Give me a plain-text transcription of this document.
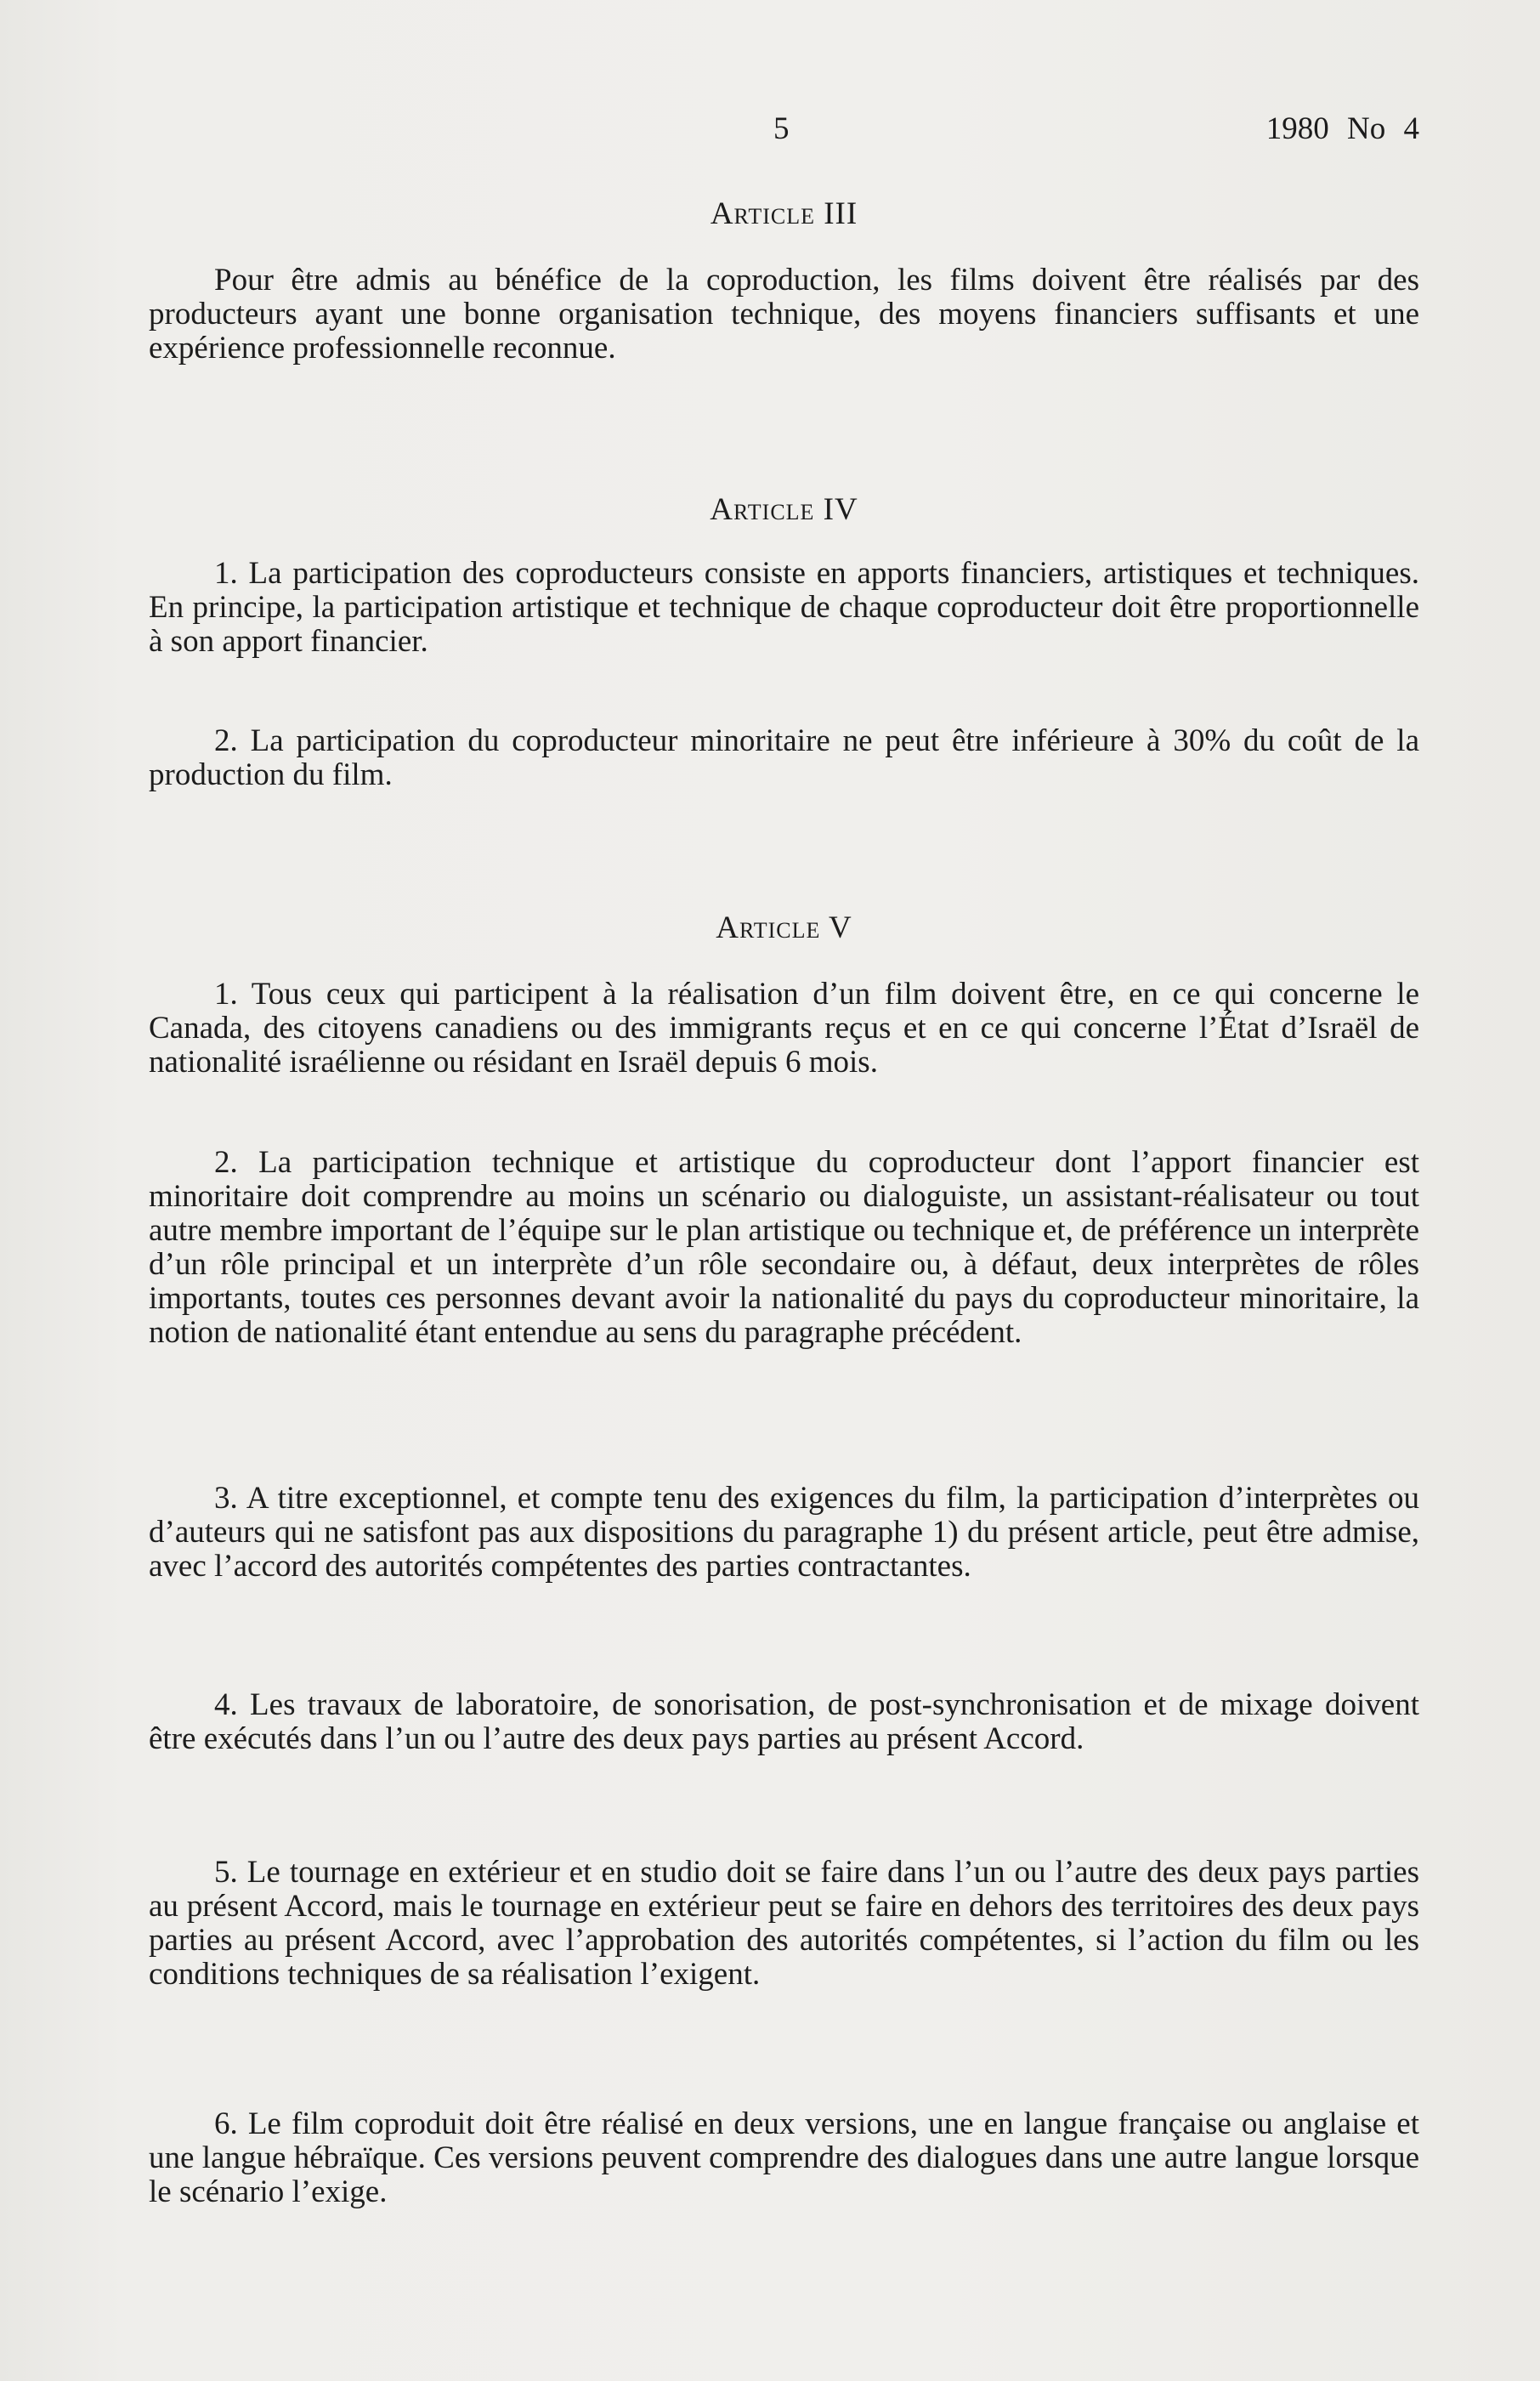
5	1980 No 4
Article III

Pour être admis au bénéfice de la coproduction, les films doivent être réalisés par des producteurs ayant une bonne organisation technique, des moyens financiers suffisants et une expérience professionnelle reconnue.

Article IV

1. La participation des coproducteurs consiste en apports financiers, artistiques et techniques. En principe, la participation artistique et technique de chaque coproducteur doit être proportionnelle à son apport financier.

2. La participation du coproducteur minoritaire ne peut être inférieure à 30% du coût de la production du film.

Article V

1. Tous ceux qui participent à la réalisation d’un film doivent être, en ce qui concerne le Canada, des citoyens canadiens ou des immigrants reçus et en ce qui concerne l’État d’Israël de nationalité israélienne ou résidant en Israël depuis 6 mois.

2. La participation technique et artistique du coproducteur dont l’apport financier est minoritaire doit comprendre au moins un scénario ou dialoguiste, un assistant-réalisateur ou tout autre membre important de l’équipe sur le plan artistique ou technique et, de préférence un interprète d’un rôle principal et un interprète d’un rôle secondaire ou, à défaut, deux interprètes de rôles importants, toutes ces personnes devant avoir la nationalité du pays du coproducteur minoritaire, la notion de nationalité étant entendue au sens du paragraphe précédent.

3. A titre exceptionnel, et compte tenu des exigences du film, la participation d’interprètes ou d’auteurs qui ne satisfont pas aux dispositions du paragraphe 1) du présent article, peut être admise, avec l’accord des autorités compétentes des parties contractantes.

4. Les travaux de laboratoire, de sonorisation, de post-synchronisation et de mixage doivent être exécutés dans l’un ou l’autre des deux pays parties au présent Accord.

5. Le tournage en extérieur et en studio doit se faire dans l’un ou l’autre des deux pays parties au présent Accord, mais le tournage en extérieur peut se faire en dehors des territoires des deux pays parties au présent Accord, avec l’approbation des autorités compétentes, si l’action du film ou les conditions techniques de sa réalisation l’exigent.

6. Le film coproduit doit être réalisé en deux versions, une en langue française ou anglaise et une langue hébraïque. Ces versions peuvent comprendre des dialogues dans une autre langue lorsque le scénario l’exige.
